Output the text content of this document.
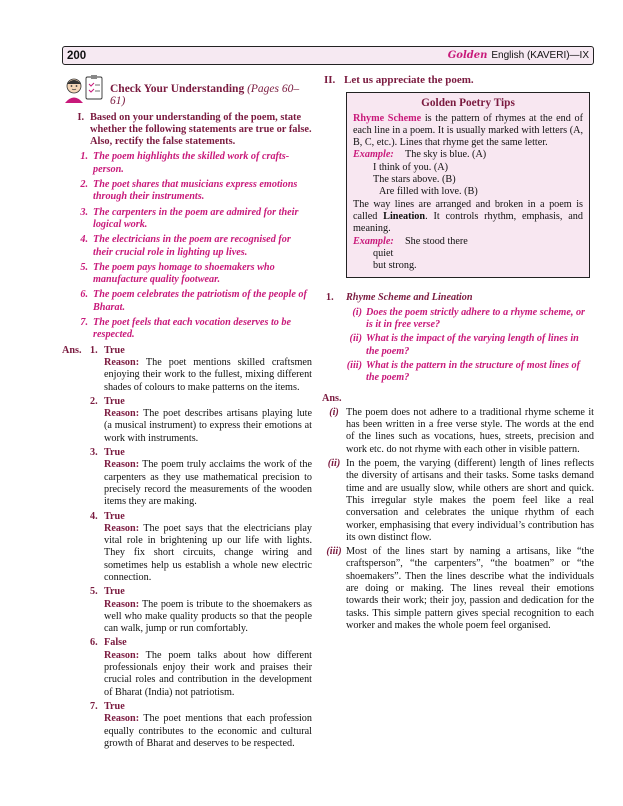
200	Golden English (KAVERI)—IX
Check Your Understanding (Pages 60–61)
I. Based on your understanding of the poem, state whether the following statements are true or false. Also, rectify the false statements.
1. The poem highlights the skilled work of crafts-person.
2. The poet shares that musicians express emotions through their instruments.
3. The carpenters in the poem are admired for their logical work.
4. The electricians in the poem are recognised for their crucial role in lighting up lives.
5. The poem pays homage to shoemakers who manufacture quality footwear.
6. The poem celebrates the patriotism of the people of Bharat.
7. The poet feels that each vocation deserves to be respected.
Ans. 1. True
Reason: The poet mentions skilled craftsmen enjoying their work to the fullest, mixing different shades of colours to make patterns on the items.
2. True
Reason: The poet describes artisans playing lute (a musical instrument) to express their emotions at work with instruments.
3. True
Reason: The poem truly acclaims the work of the carpenters as they use mathematical precision to precisely record the measurements of the wooden items they are making.
4. True
Reason: The poet says that the electricians play vital role in brightening up our life with lights. They fix short circuits, change wiring and sometimes help us establish a whole new electric connection.
5. True
Reason: The poem is tribute to the shoemakers as well who make quality products so that the people can walk, jump or run comfortably.
6. False
Reason: The poem talks about how different professionals enjoy their work and praises their crucial roles and contribution in the development of Bharat (India) not patriotism.
7. True
Reason: The poet mentions that each profession equally contributes to the economic and cultural growth of Bharat and deserves to be respected.
II. Let us appreciate the poem.
Golden Poetry Tips

Rhyme Scheme is the pattern of rhymes at the end of each line in a poem. It is usually marked with letters (A, B, C, etc.). Lines that rhyme get the same letter.

Example:	The sky is blue. (A)
I think of you. (A)
The stars above. (B)
Are filled with love. (B)

The way lines are arranged and broken in a poem is called Lineation. It controls rhythm, emphasis, and meaning.

Example:	She stood there
quiet
but strong.
1.	Rhyme Scheme and Lineation
(i) Does the poem strictly adhere to a rhyme scheme, or is it in free verse?
(ii) What is the impact of the varying length of lines in the poem?
(iii) What is the pattern in the structure of most lines of the poem?
Ans.
(i) The poem does not adhere to a traditional rhyme scheme it has been written in a free verse style. The words at the end of the lines such as vocations, hues, streets, precision and work etc. do not rhyme with each other in visible pattern.
(ii) In the poem, the varying (different) length of lines reflects the diversity of artisans and their tasks. Some tasks demand time and are usually slow, while others are short and quick. This irregular style makes the poem feel like a real conversation and celebrates the unique rhythm of each worker, emphasising that every individual’s contribution has its own distinct flow.
(iii) Most of the lines start by naming a artisans, like “the craftsperson”, “the carpenters”, “the boatmen” or “the shoemakers”. Then the lines describe what the individuals are doing or making. The lines reveal their emotions towards their work; their joy, passion and dedication for the tasks. This simple pattern gives special recognition to each worker and makes the whole poem feel organised.
